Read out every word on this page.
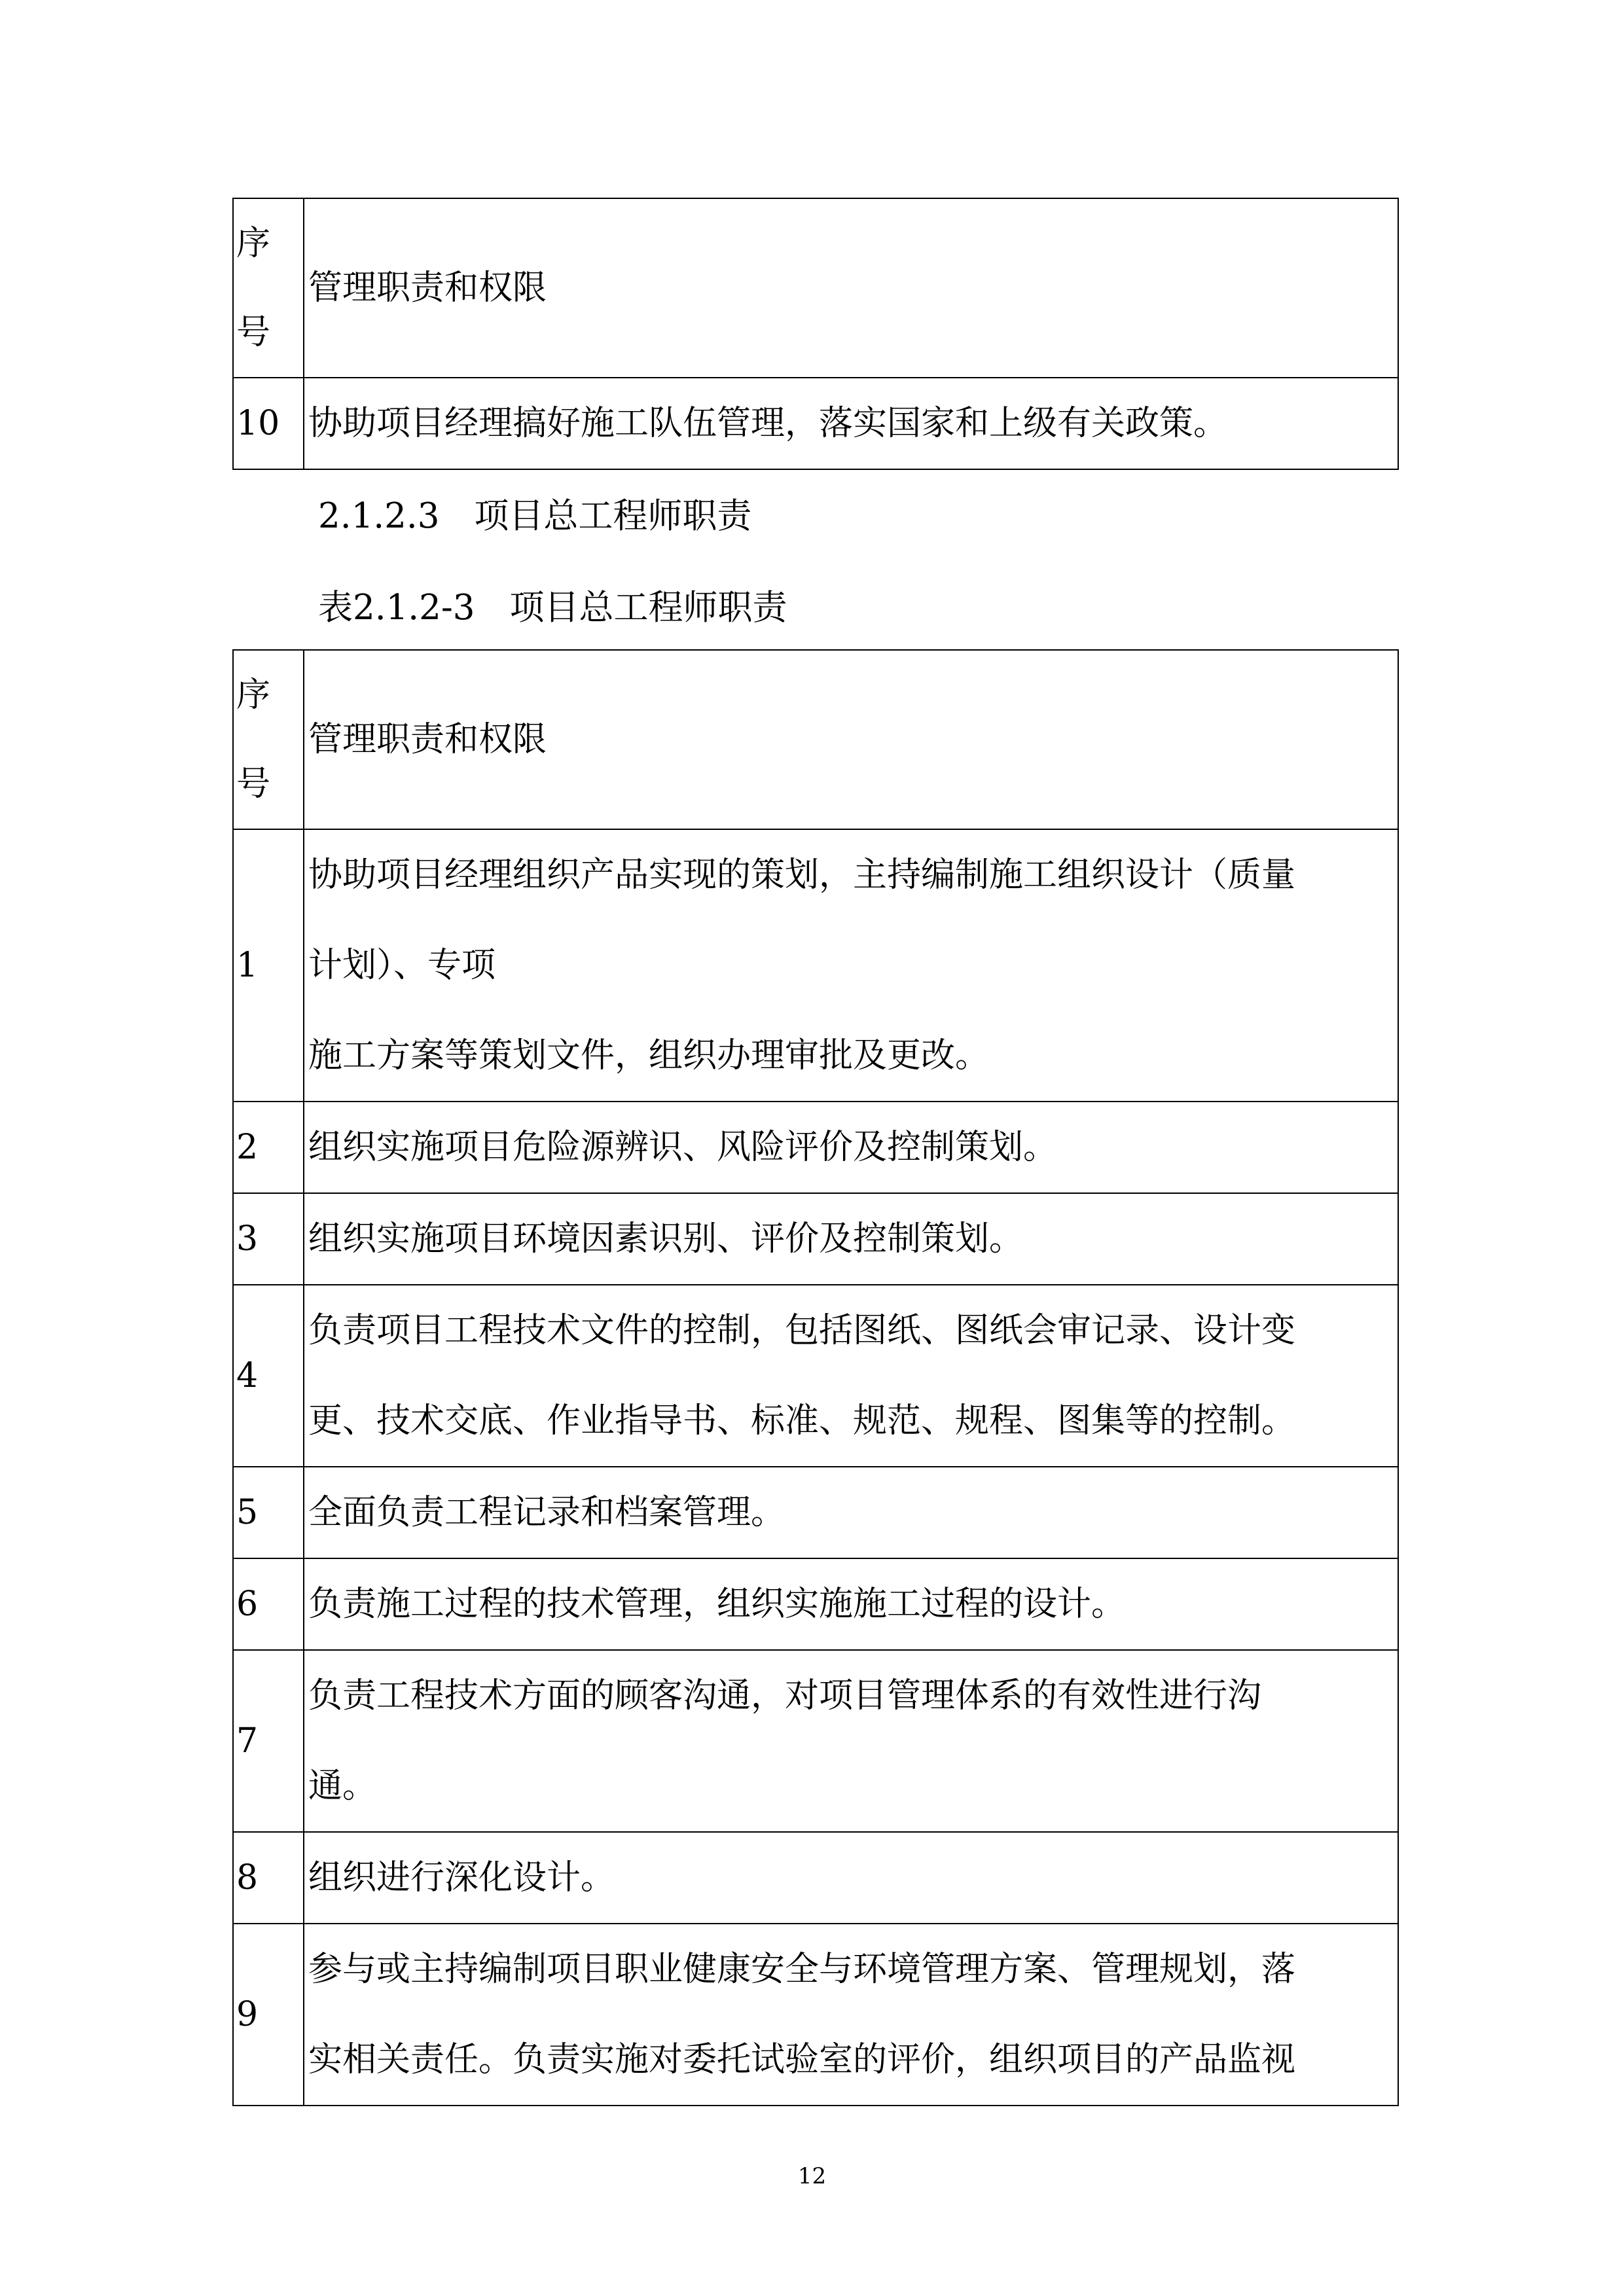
序
号	管理职责和权限
10	协助项目经理搞好施工队伍管理，落实国家和上级有关政策。
2.1.2.3　项目总工程师职责
表2.1.2-3　项目总工程师职责
序
号	管理职责和权限
1	协助项目经理组织产品实现的策划，主持编制施工组织设计（质量
计划）、专项
施工方案等策划文件，组织办理审批及更改。

2	组织实施项目危险源辨识、风险评价及控制策划。

3	组织实施项目环境因素识别、评价及控制策划。

4	负责项目工程技术文件的控制，包括图纸、图纸会审记录、设计变
更、技术交底、作业指导书、标准、规范、规程、图集等的控制。

5	全面负责工程记录和档案管理。

6	负责施工过程的技术管理，组织实施施工过程的设计。

7	负责工程技术方面的顾客沟通，对项目管理体系的有效性进行沟
通。

8	组织进行深化设计。

9	参与或主持编制项目职业健康安全与环境管理方案、管理规划，落
实相关责任。负责实施对委托试验室的评价，组织项目的产品监视
12
